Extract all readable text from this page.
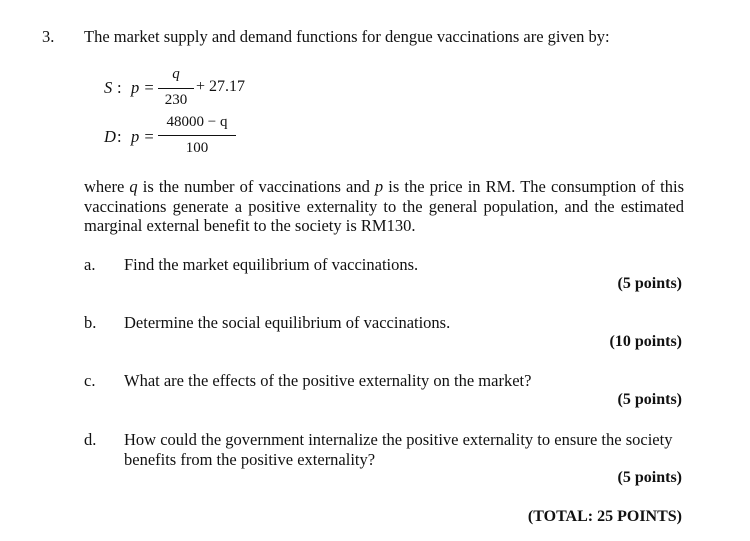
3. The market supply and demand functions for dengue vaccinations are given by:
S : p =
q
230
+ 27.17
D : p =
48000 − q
100
where q is the number of vaccinations and p is the price in RM. The consumption of this vaccinations generate a positive externality to the general population, and the estimated marginal external benefit to the society is RM130.
a. Find the market equilibrium of vaccinations.
(5 points)
b. Determine the social equilibrium of vaccinations.
(10 points)
c. What are the effects of the positive externality on the market?
(5 points)
d. How could the government internalize the positive externality to ensure the society benefits from the positive externality?
(5 points)
(TOTAL: 25 POINTS)
